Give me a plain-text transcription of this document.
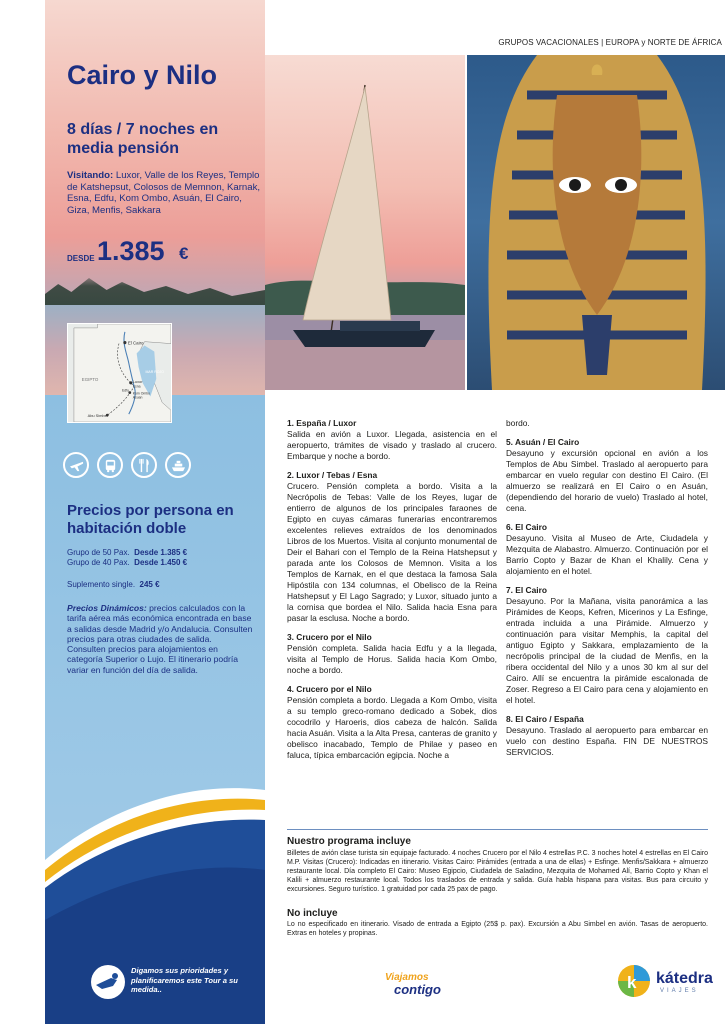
GRUPOS VACACIONALES | EUROPA y NORTE DE ÁFRICA
Cairo y Nilo
8 días / 7 noches en media pensión
Visitando: Luxor, Valle de los Reyes, Templo de Katshepsut, Colosos de Memnon, Karnak, Esna, Edfu, Kom Ombo, Asuán, El Cairo, Giza, Menfis, Sakkara
DESDE 1.385 €
El Cairo
EGIPTO
MAR ROJO
Luxor
Esna
Edfu
Kom Ombo
Asuan
Abu Simbel
Precios por persona en habitación doble
Grupo de 50 Pax. Desde 1.385 €
Grupo de 40 Pax. Desde 1.450 €
Suplemento single. 245 €
Precios Dinámicos: precios calculados con la tarifa aérea más económica encontrada en base a salidas desde Madrid y/o Andalucia. Consulten precios para otras ciudades de salida.
Consulten precios para alojamientos en categoría Superior o Lujo. El itinerario podría variar en función del día de salida.
Digamos sus prioridades y planificaremos este Tour a su medida..
1. España / Luxor
Salida en avión a Luxor. Llegada, asistencia en el aeropuerto, trámites de visado y traslado al crucero. Embarque y noche a bordo.
2. Luxor / Tebas / Esna
Crucero. Pensión completa a bordo. Visita a la Necrópolis de Tebas: Valle de los Reyes, lugar de entierro de algunos de los principales faraones de Egipto en cuyas cámaras funerarias encontraremos excelentes relieves extraídos de los denominados Libros de los Muertos. Visita al conjunto monumental de Deir el Bahari con el Templo de la Reina Hatshepsut y parada ante los Colosos de Memnon. Visita a los Templos de Karnak, en el que destaca la famosa Sala Hipóstila con 134 columnas, el Obelisco de la Reina Hatshepsut y El Lago Sagrado; y Luxor, situado junto a la cornisa que bordea el Nilo. Salida hacia Esna para pasar la esclusa. Noche a bordo.
3. Crucero por el Nilo
Pensión completa. Salida hacia Edfu y a la llegada, visita al Templo de Horus. Salida hacia Kom Ombo, noche a bordo.
4. Crucero por el Nilo
Pensión completa a bordo. Llegada a Kom Ombo, visita a su templo greco-romano dedicado a Sobek, dios cocodrilo y Haroeris, dios cabeza de halcón. Salida hacia Asuán. Visita a la Alta Presa, canteras de granito y obelisco inacabado, Templo de Philae y paseo en faluca, típica embarcación egipcia. Noche a
bordo.
5. Asuán / El Cairo
Desayuno y excursión opcional en avión a los Templos de Abu Simbel. Traslado al aeropuerto para embarcar en vuelo regular con destino El Cairo. (El almuerzo se realizará en El Cairo o en Asuán, (dependiendo del horario de vuelo) Traslado al hotel, cena.
6. El Cairo
Desayuno. Visita al Museo de Arte, Ciudadela y Mezquita de Alabastro. Almuerzo. Continuación por el Barrio Copto y Bazar de Khan el Khalily. Cena y alojamiento en el hotel.
7. El Cairo
Desayuno. Por la Mañana, visita panorámica a las Pirámides de Keops, Kefren, Micerinos y La Esfinge, entrada incluida a una Pirámide. Almuerzo y continuación para visitar Memphis, la capital del antiguo Egipto y Sakkara, emplazamiento de la necrópolis principal de la ciudad de Menfis, en la ribera occidental del Nilo y a unos 30 km al sur del Cairo. Allí se encuentra la pirámide escalonada de Zoser. Regreso a El Cairo para cena y alojamiento en el hotel.
8. El Cairo / España
Desayuno. Traslado al aeropuerto para embarcar en vuelo con destino España. FIN DE NUESTROS SERVICIOS.
Nuestro programa incluye
Billetes de avión clase turista sin equipaje facturado. 4 noches Crucero por el Nilo 4 estrellas P.C. 3 noches hotel 4 estrellas en El Cairo M.P. Visitas (Crucero): Indicadas en itinerario. Visitas Cairo: Pirámides (entrada a una de ellas) + Esfinge. Menfis/Sakkara + almuerzo restaurante local. Día completo El Cairo: Museo Egipcio, Ciudadela de Saladino, Mezquita de Mohamed Alí, Barrio Copto y Khan el Kalili + almuerzo restaurante local. Todos los traslados de entrada y salida. Guía habla hispana para visitas. Bus para circuito y excursiones. Seguro turístico. 1 gratuidad por cada 25 pax de pago.
No incluye
Lo no especificado en itinerario. Visado de entrada a Egipto (25$ p. pax). Excursión a Abu Simbel en avión. Tasas de aeropuerto. Extras en hoteles y propinas.
Viajamos
contigo	k kátedra
VIAJES
